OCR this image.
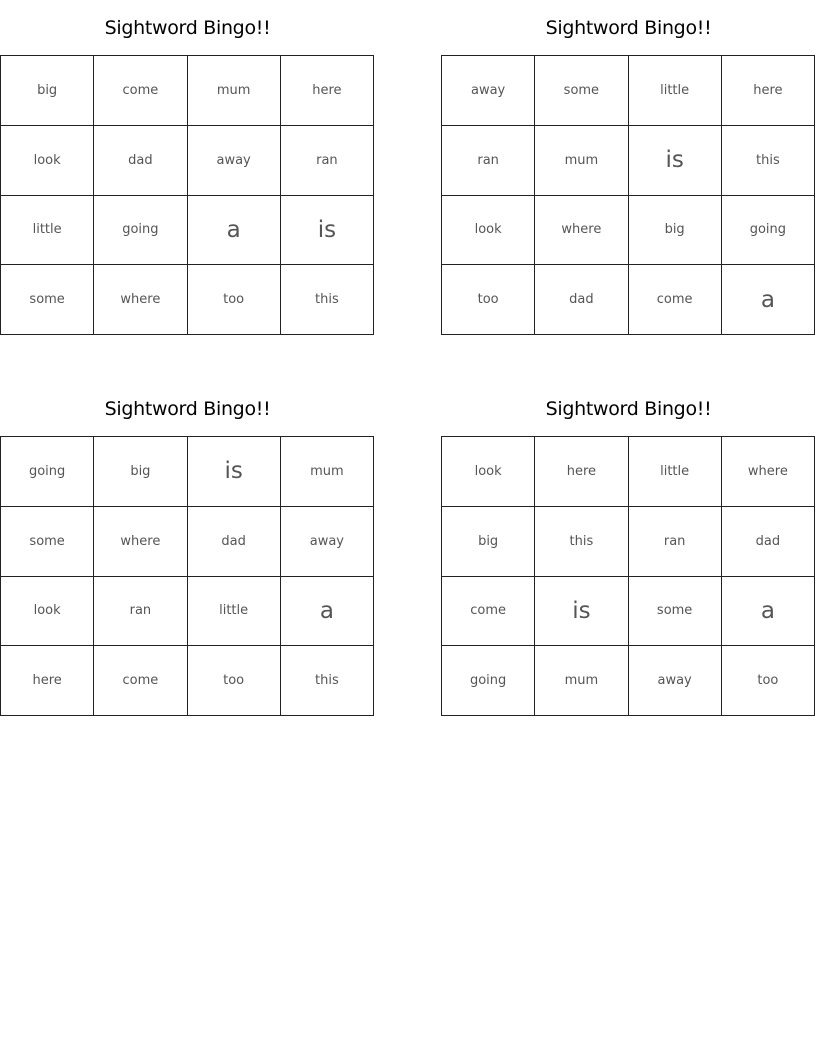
Sightword Bingo!!
big	come	mum	here
look	dad	away	ran
little	going	a	is
some	where	too	this
Sightword Bingo!!
away	some	little	here
ran	mum	is	this
look	where	big	going
too	dad	come	a
Sightword Bingo!!
going	big	is	mum
some	where	dad	away
look	ran	little	a
here	come	too	this
Sightword Bingo!!
look	here	little	where
big	this	ran	dad
come	is	some	a
going	mum	away	too
